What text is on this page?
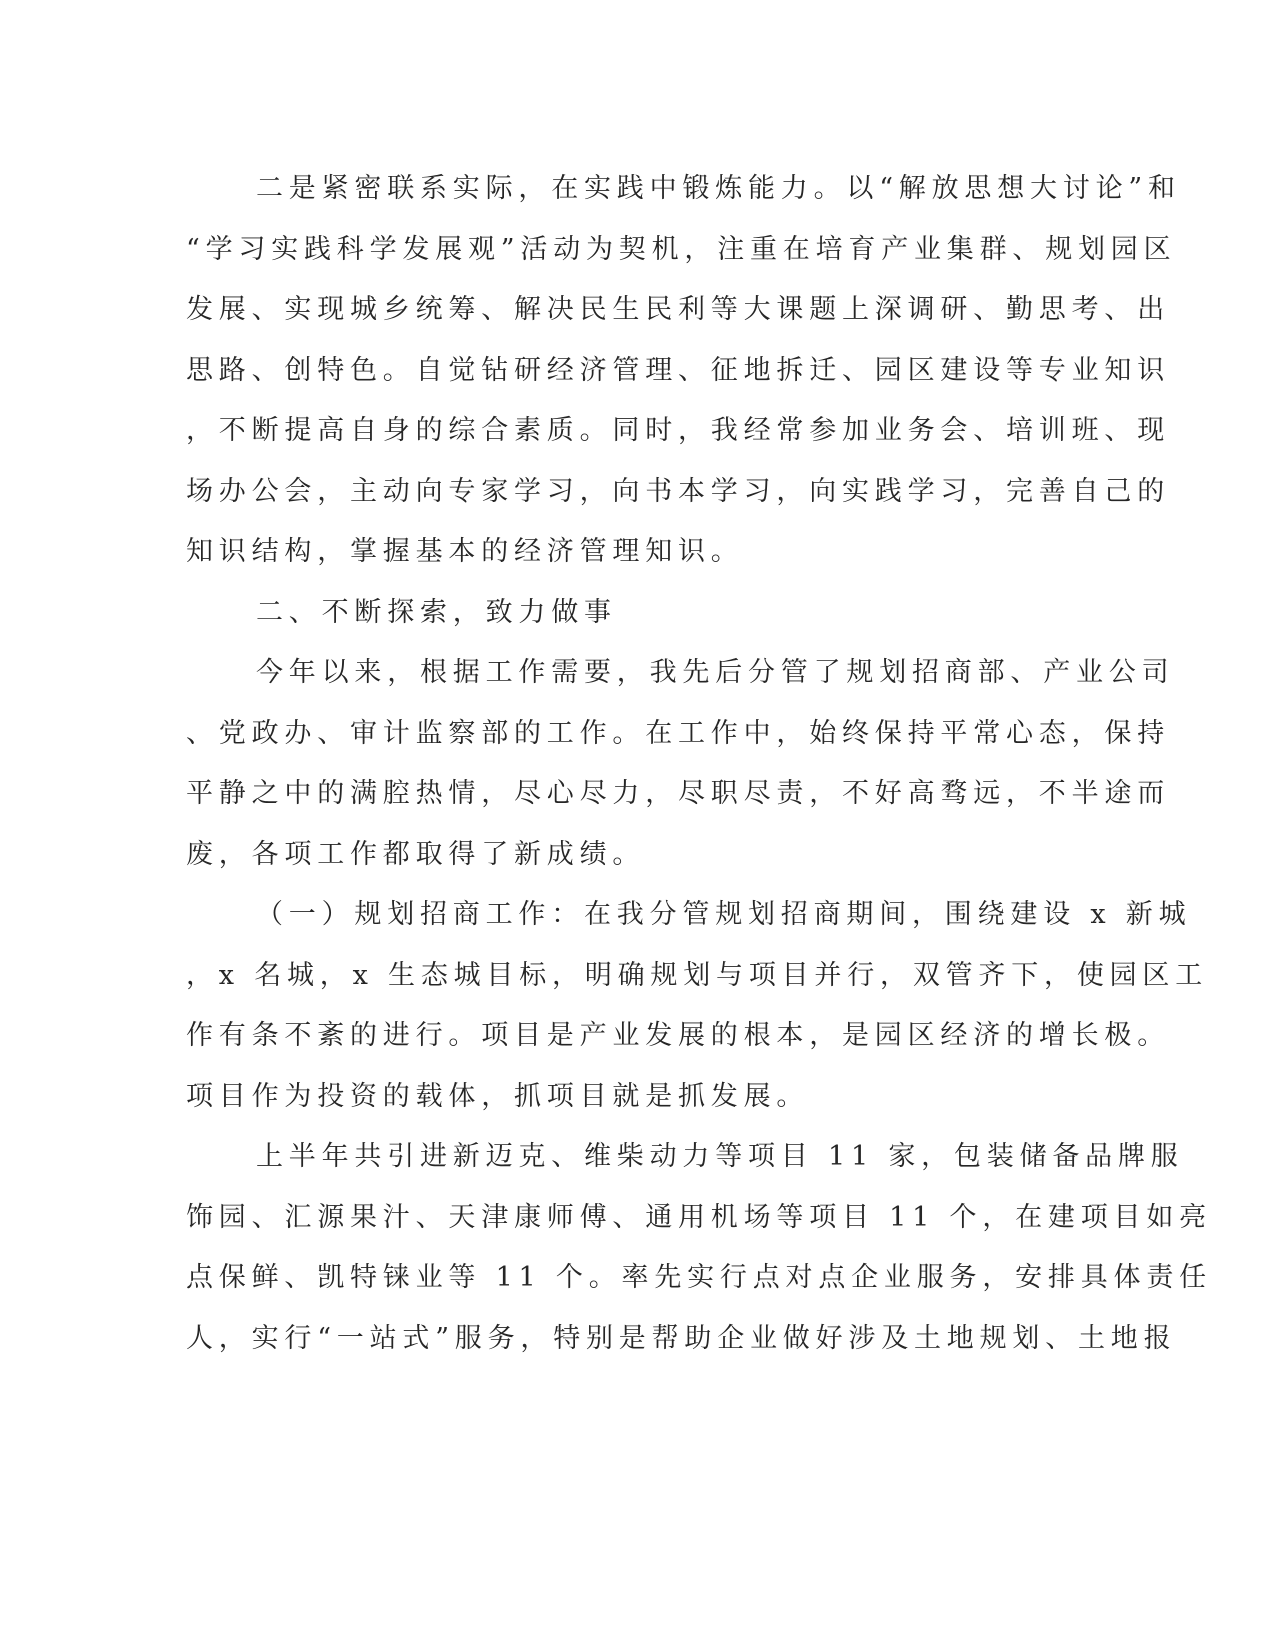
二是紧密联系实际，在实践中锻炼能力。以“解放思想大讨论”和
“学习实践科学发展观”活动为契机，注重在培育产业集群、规划园区
发展、实现城乡统筹、解决民生民利等大课题上深调研、勤思考、出
思路、创特色。自觉钻研经济管理、征地拆迁、园区建设等专业知识
，不断提高自身的综合素质。同时，我经常参加业务会、培训班、现
场办公会，主动向专家学习，向书本学习，向实践学习，完善自己的
知识结构，掌握基本的经济管理知识。
二、不断探索，致力做事
今年以来，根据工作需要，我先后分管了规划招商部、产业公司
、党政办、审计监察部的工作。在工作中，始终保持平常心态，保持
平静之中的满腔热情，尽心尽力，尽职尽责，不好高骛远，不半途而
废，各项工作都取得了新成绩。
（一）规划招商工作：在我分管规划招商期间，围绕建设 x 新城
，x 名城，x 生态城目标，明确规划与项目并行，双管齐下，使园区工
作有条不紊的进行。项目是产业发展的根本，是园区经济的增长极。
项目作为投资的载体，抓项目就是抓发展。
上半年共引进新迈克、维柴动力等项目 11 家，包装储备品牌服
饰园、汇源果汁、天津康师傅、通用机场等项目 11 个，在建项目如亮
点保鲜、凯特铼业等 11 个。率先实行点对点企业服务，安排具体责任
人，实行“一站式”服务，特别是帮助企业做好涉及土地规划、土地报
